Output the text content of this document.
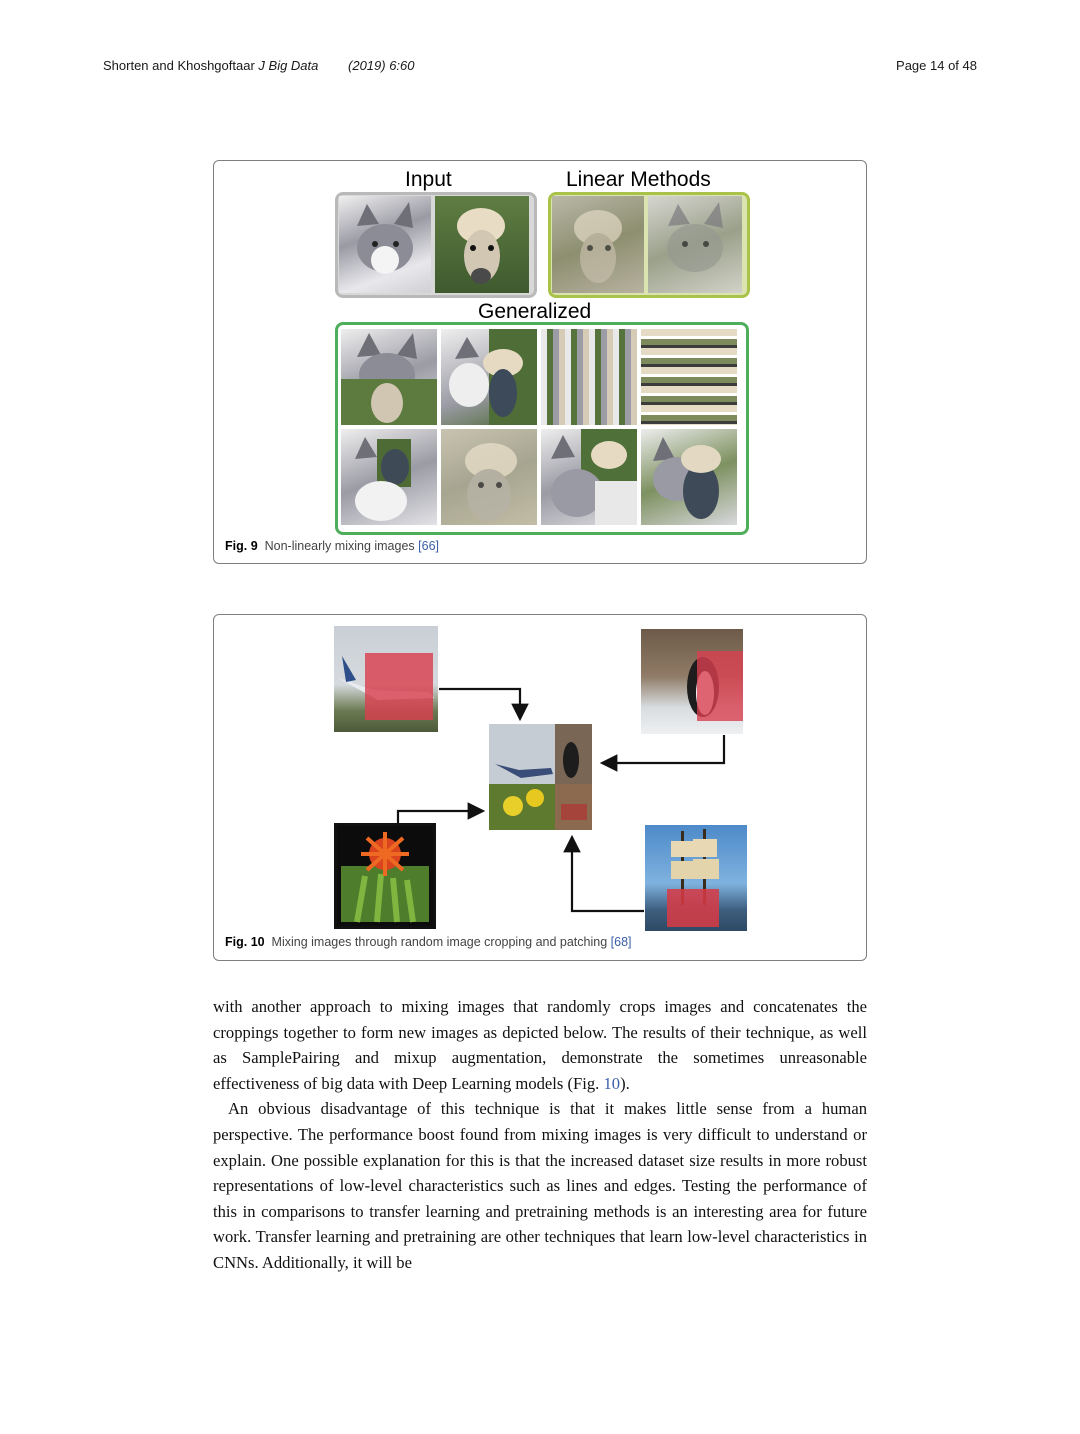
Shorten and Khoshgoftaar J Big Data (2019) 6:60	Page 14 of 48
Input	Linear Methods
Generalized
Fig. 9 Non-linearly mixing images [66]
Fig. 10 Mixing images through random image cropping and patching [68]

with another approach to mixing images that randomly crops images and concatenates the croppings together to form new images as depicted below. The results of their technique, as well as SamplePairing and mixup augmentation, demonstrate the sometimes unreasonable effectiveness of big data with Deep Learning models (Fig. 10).

An obvious disadvantage of this technique is that it makes little sense from a human perspective. The performance boost found from mixing images is very difficult to understand or explain. One possible explanation for this is that the increased dataset size results in more robust representations of low-level characteristics such as lines and edges. Testing the performance of this in comparisons to transfer learning and pretraining methods is an interesting area for future work. Transfer learning and pretraining are other techniques that learn low-level characteristics in CNNs. Additionally, it will be
